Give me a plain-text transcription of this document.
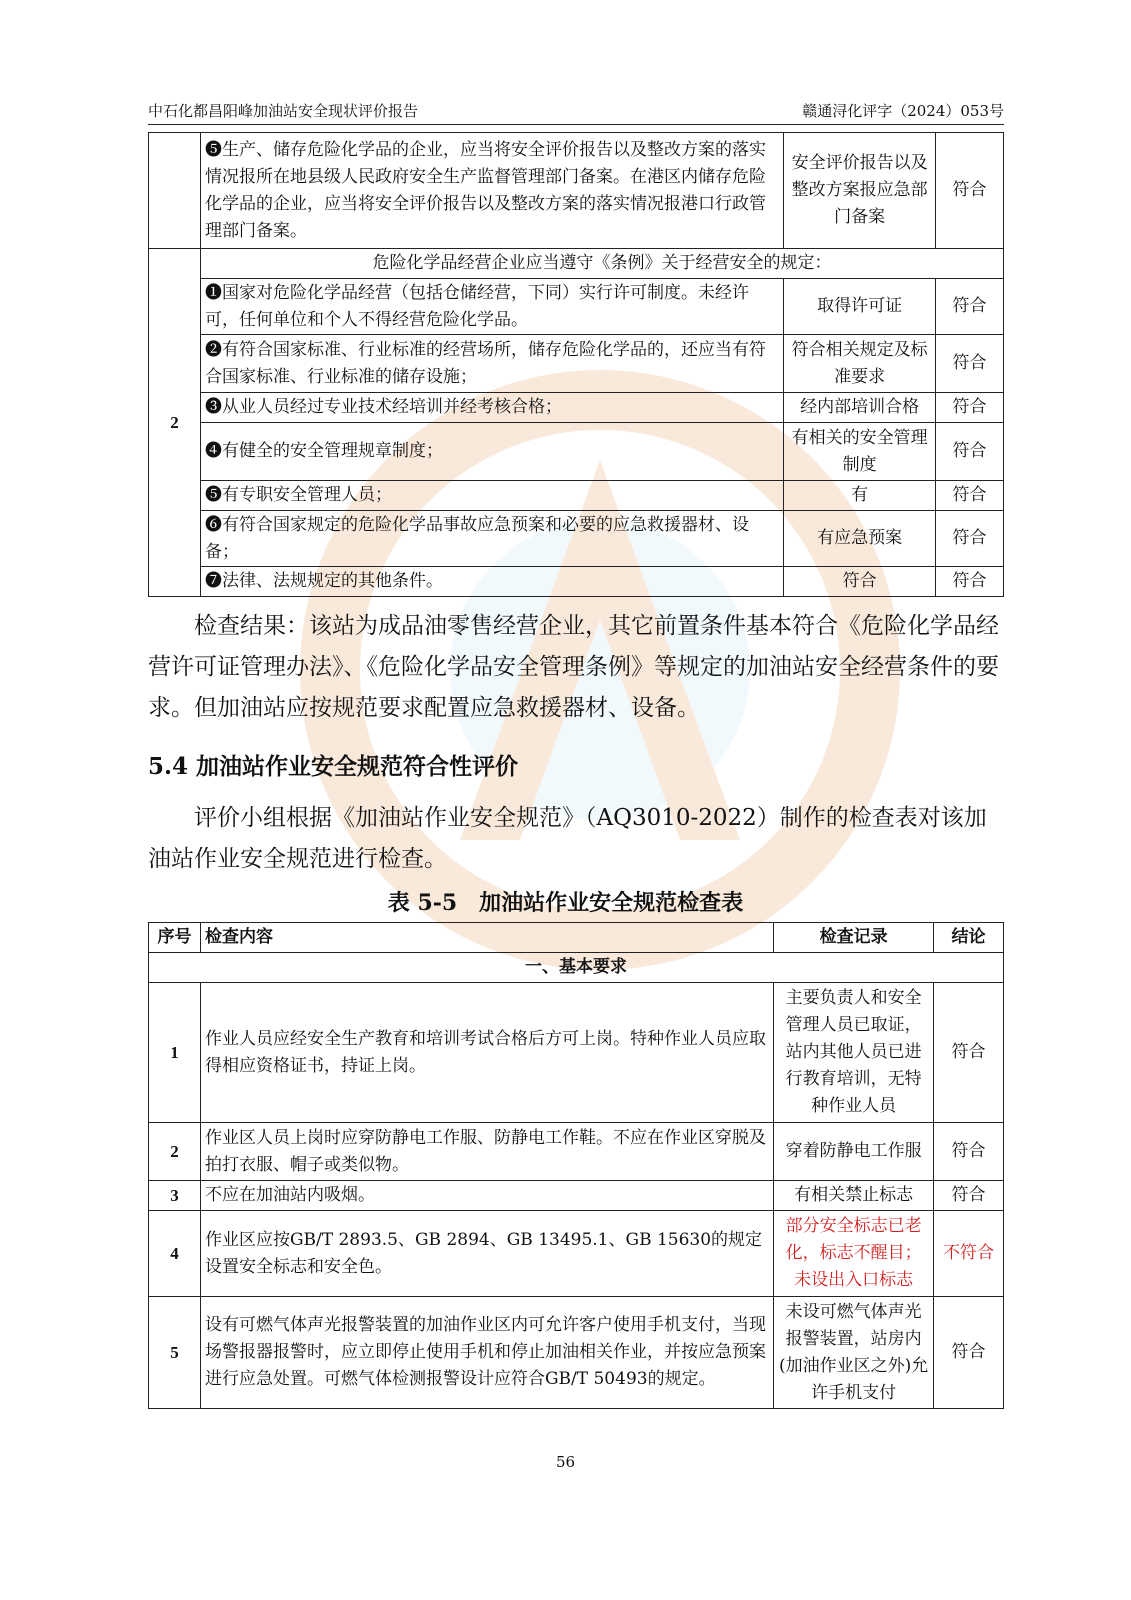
中石化都昌阳峰加油站安全现状评价报告	赣通浔化评字（2024）053号
	❺生产、储存危险化学品的企业，应当将安全评价报告以及整改方案的落实情况报所在地县级人民政府安全生产监督管理部门备案。在港区内储存危险化学品的企业，应当将安全评价报告以及整改方案的落实情况报港口行政管理部门备案。	安全评价报告以及整改方案报应急部门备案	符合
2	危险化学品经营企业应当遵守《条例》关于经营安全的规定：		
	❶国家对危险化学品经营（包括仓储经营，下同）实行许可制度。未经许可，任何单位和个人不得经营危险化学品。	取得许可证	符合
	❷有符合国家标准、行业标准的经营场所，储存危险化学品的，还应当有符合国家标准、行业标准的储存设施；	符合相关规定及标准要求	符合
	❸从业人员经过专业技术经培训并经考核合格；	经内部培训合格	符合
	❹有健全的安全管理规章制度；	有相关的安全管理制度	符合
	❺有专职安全管理人员；	有	符合
	❻有符合国家规定的危险化学品事故应急预案和必要的应急救援器材、设备；	有应急预案	符合
	❼法律、法规规定的其他条件。	符合	符合
检查结果：该站为成品油零售经营企业，其它前置条件基本符合《危险化学品经营许可证管理办法》、《危险化学品安全管理条例》等规定的加油站安全经营条件的要求。但加油站应按规范要求配置应急救援器材、设备。
5.4 加油站作业安全规范符合性评价
评价小组根据《加油站作业安全规范》（AQ3010-2022）制作的检查表对该加油站作业安全规范进行检查。
表 5-5　加油站作业安全规范检查表
序号	检查内容	检查记录	结论
一、基本要求			
1	作业人员应经安全生产教育和培训考试合格后方可上岗。特种作业人员应取得相应资格证书，持证上岗。	主要负责人和安全管理人员已取证，站内其他人员已进行教育培训，无特种作业人员	符合
2	作业区人员上岗时应穿防静电工作服、防静电工作鞋。不应在作业区穿脱及拍打衣服、帽子或类似物。	穿着防静电工作服	符合
3	不应在加油站内吸烟。	有相关禁止标志	符合
4	作业区应按GB/T 2893.5、GB 2894、GB 13495.1、GB 15630的规定设置安全标志和安全色。	部分安全标志已老化，标志不醒目；未设出入口标志	不符合
5	设有可燃气体声光报警装置的加油作业区内可允许客户使用手机支付，当现场警报器报警时，应立即停止使用手机和停止加油相关作业，并按应急预案进行应急处置。可燃气体检测报警设计应符合GB/T 50493的规定。	未设可燃气体声光报警装置，站房内(加油作业区之外)允许手机支付	符合
56
